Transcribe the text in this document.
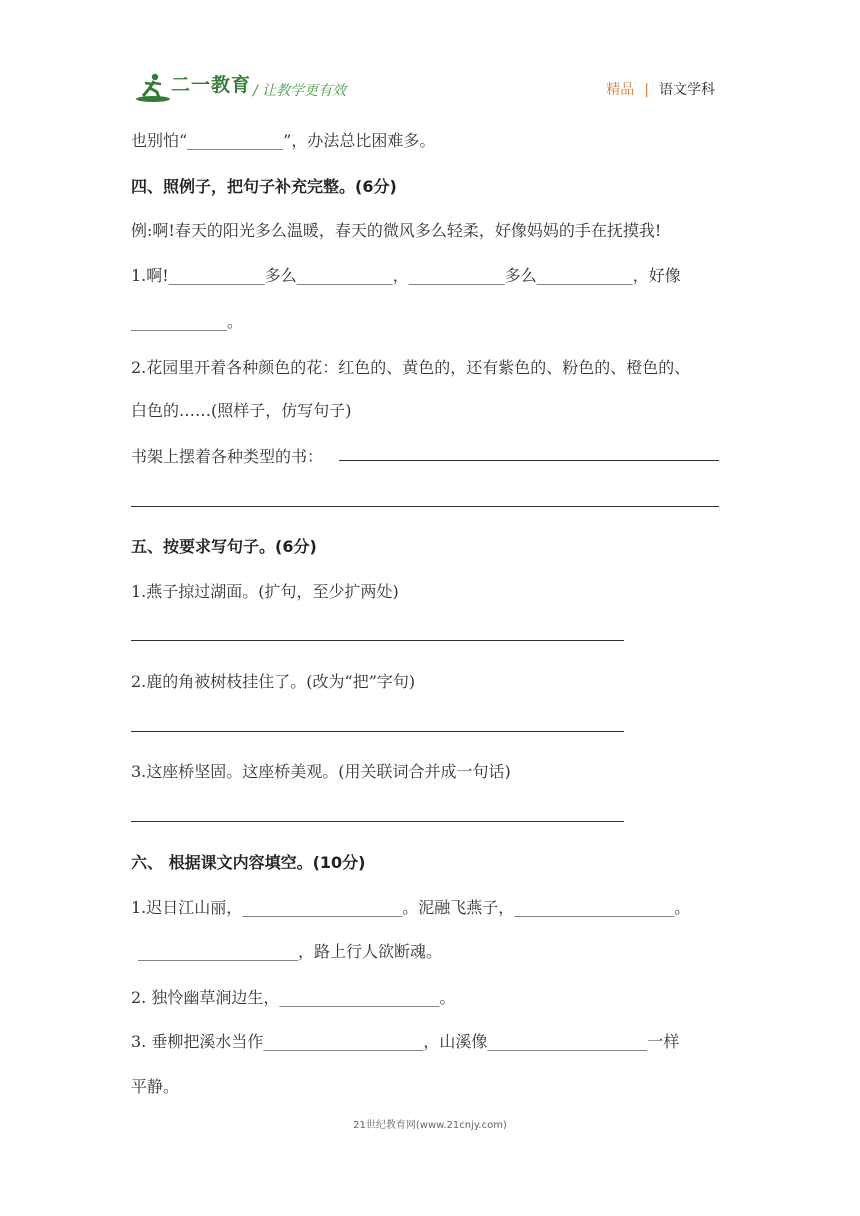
二一教育 / 让教学更有效	精品 | 语文学科
也别怕“____________”，办法总比困难多。
四、照例子，把句子补充完整。(6分)
例:啊!春天的阳光多么温暖，春天的微风多么轻柔，好像妈妈的手在抚摸我!
1.啊!____________多么____________，____________多么____________，好像
____________。
2.花园里开着各种颜色的花：红色的、黄色的，还有紫色的、粉色的、橙色的、
白色的……(照样子，仿写句子)
书架上摆着各种类型的书：
五、按要求写句子。(6分)
1.燕子掠过湖面。(扩句，至少扩两处)
2.鹿的角被树枝挂住了。(改为“把”字句)
3.这座桥坚固。这座桥美观。(用关联词合并成一句话)
六、 根据课文内容填空。(10分)
1.迟日江山丽，____________________。泥融飞燕子，____________________。
____________________，路上行人欲断魂。
2. 独怜幽草涧边生，____________________。
3. 垂柳把溪水当作____________________，山溪像____________________一样
平静。
21世纪教育网(www.21cnjy.com)
